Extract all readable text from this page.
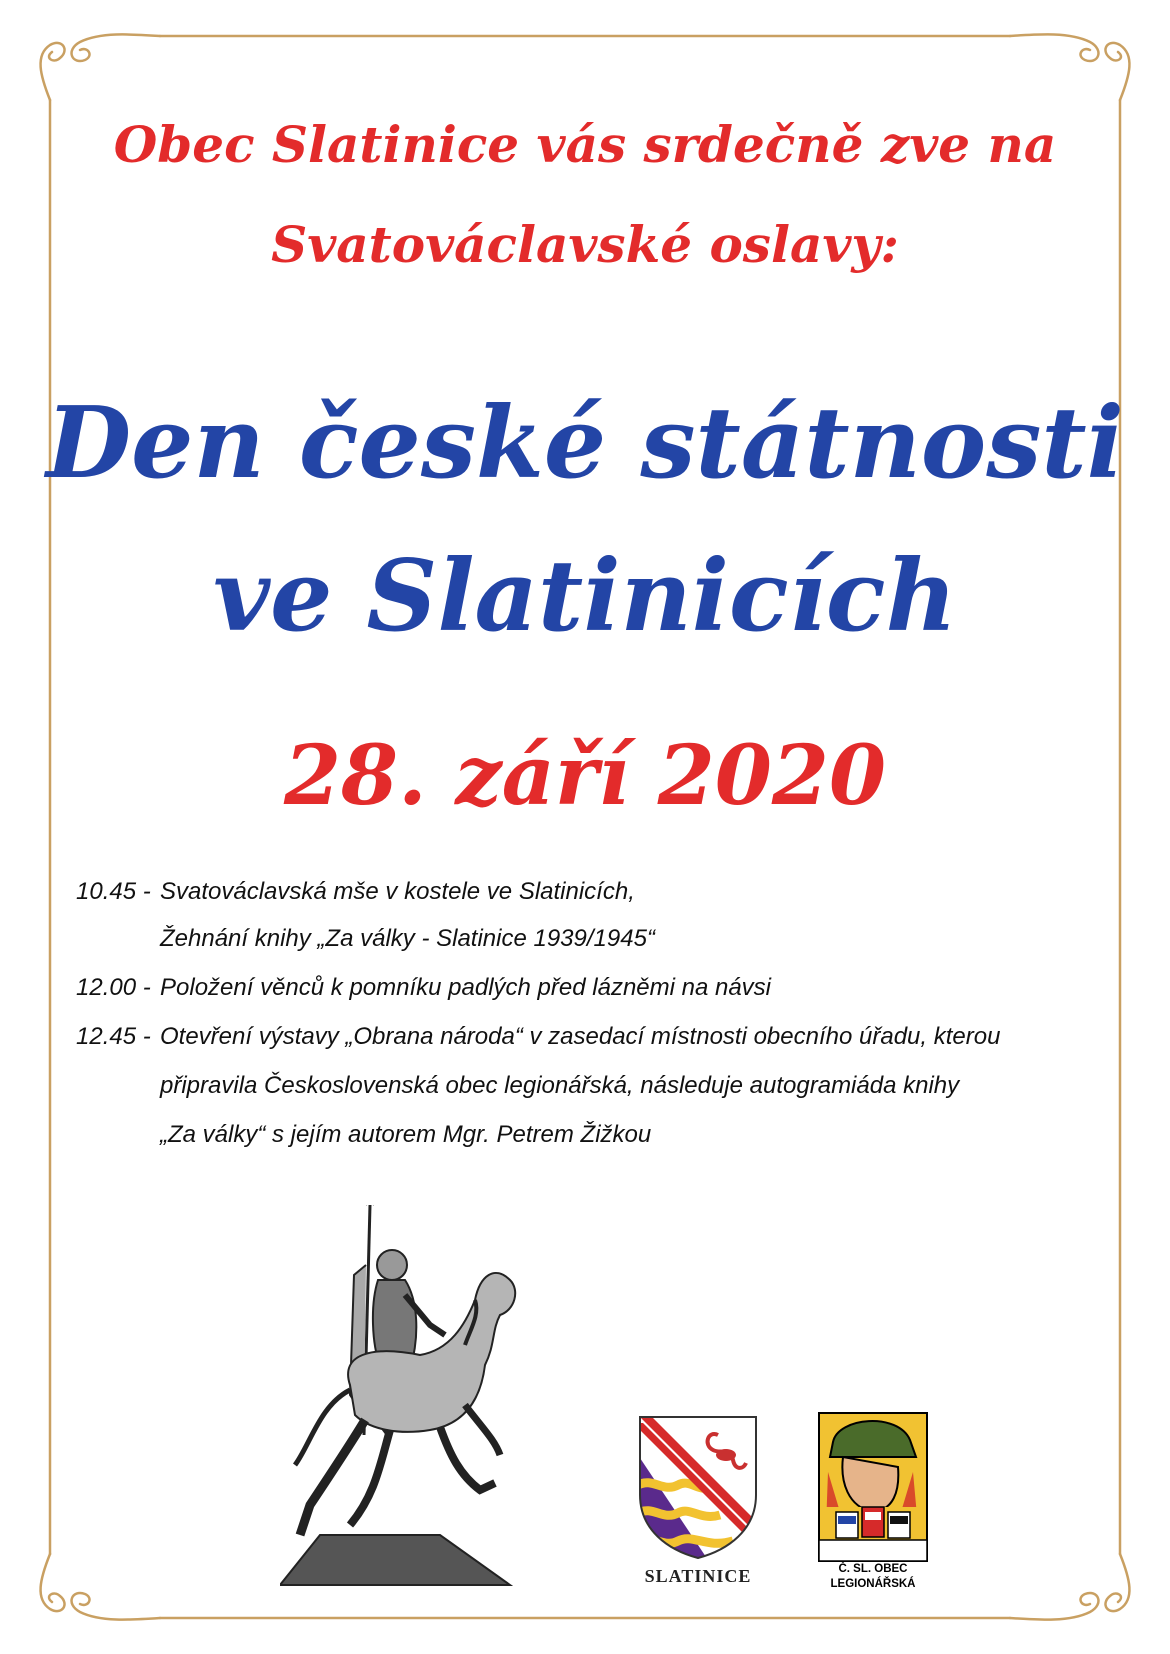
Obec Slatinice vás srdečně zve na
Svatováclavské oslavy:
Den české státnosti
ve Slatinicích
28. září 2020
10.45 - Svatováclavská mše v kostele ve Slatinicích,
Žehnání knihy „Za války - Slatinice 1939/1945“
12.00 - Položení věnců k pomníku padlých před lázněmi na návsi
12.45 - Otevření výstavy „Obrana národa“ v zasedací místnosti obecního úřadu, kterou
připravila Československá obec legionářská, následuje autogramiáda knihy
„Za války“ s jejím autorem Mgr. Petrem Žižkou
SLATINICE	Č. SL. OBEC
LEGIONÁŘSKÁ
